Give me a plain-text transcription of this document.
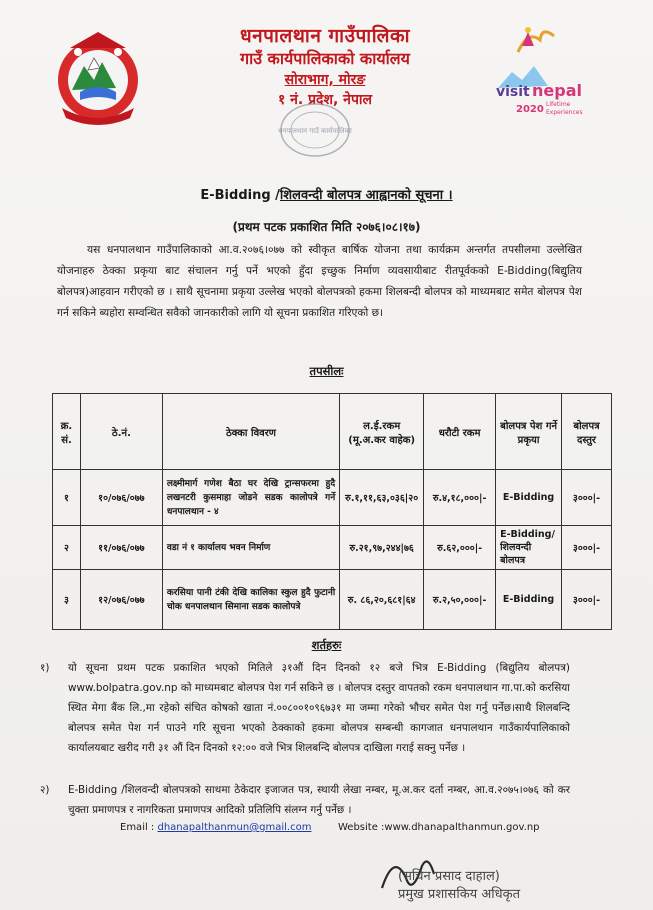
धनपालथान गाउँपालिका
गाउँ कार्यपालिकाको कार्यालय
सोराभाग, मोरङ
१ नं. प्रदेश, नेपाल
धनपालथान गाउँ कार्यपालिका
visit nepal
2020 Lifetime
Experiences
E-Bidding /शिलवन्दी बोलपत्र आह्वानको सूचना ।
(प्रथम पटक प्रकाशित मिति २०७६।०८।१७)
यस धनपालथान गाउँपालिकाको आ.व.२०७६।०७७ को स्वीकृत बार्षिक योजना तथा कार्यक्रम अन्तर्गत तपसीलमा उल्लेखित योजनाहरु ठेक्का प्रकृया बाट संचालन गर्नु पर्ने भएको हुँदा इच्छुक निर्माण व्यवसायीबाट रीतपूर्वकको E-Bidding(बिद्युतिय बोलपत्र)आहवान गरीएको छ । साथै सूचनामा प्रकृया उल्लेख भएको बोलपत्रको हकमा शिलबन्दी बोलपत्र को माध्यमबाट समेत बोलपत्र पेश गर्न सकिने ब्यहोरा सम्वन्धित सवैको जानकारीको लागि यो सूचना प्रकाशित गरिएको छ।
तपसीलः
क्र. सं.	ठे.नं.	ठेक्का विवरण	ल.ई.रकम (मू.अ.कर वाहेक)	धरौटी रकम	बोलपत्र पेश गर्ने प्रकृया	बोलपत्र दस्तुर
१	१०/०७६/०७७	लक्ष्मीमार्ग गणेश बैठा घर देखि ट्रान्सफरमा हुदै लखनटरी कुसमाहा जोडने सडक कालोपत्रे गर्ने धनपालथान - ४	रु.१,११,६३,०३६|२०	रु.४,१८,०००|-	E-Bidding	३०००|-
२	११/०७६/०७७	वडा नं १ कार्यालय भवन निर्माण	रु.२१,९७,२४४|७६	रु.६२,०००|-	E-Bidding/शिलवन्दी बोलपत्र	३०००|-
३	१२/०७६/०७७	करसिया पानी टंकी देखि कालिका स्कुल हुदै फुटानी चोक धनपालथान सिमाना सडक कालोपत्रे	रु. ८६,२०,६८१|६४	रु.२,५०,०००|-	E-Bidding	३०००|-
शर्तहरुः
१) यो सूचना प्रथम पटक प्रकाशित भएको मितिले ३१औं दिन दिनको १२ बजे भित्र E-Bidding (बिद्युतिय बोलपत्र) www.bolpatra.gov.np को माध्यमबाट बोलपत्र पेश गर्न सकिने छ । बोलपत्र दस्तुर वापतको रकम धनपालथान गा.पा.को करसिया स्थित मेगा बैंक लि.,मा रहेको संचित कोषको खाता नं.००८००१०९६७३१ मा जम्मा गरेको भौचर समेत पेश गर्नु पर्नेछ।साथै शिलबन्दि बोलपत्र समेत पेश गर्न पाउने गरि सूचना भएको ठेक्काको हकमा बोलपत्र सम्बन्धी कागजात धनपालथान गाउँकार्यपालिकाको कार्यालयबाट खरीद गरी ३१ औं दिन दिनको १२:०० वजे भित्र शिलबन्दि बोलपत्र दाखिला गराई सक्नु पर्नेछ ।
२) E-Bidding /शिलवन्दी बोलपत्रको साथमा ठेकेदार इजाजत पत्र, स्थायी लेखा नम्बर, मू.अ.कर दर्ता नम्बर, आ.व.२०७५।०७६ को कर चुक्ता प्रमाणपत्र र नागरिकता प्रमाणपत्र आदिको प्रतिलिपि संलग्न गर्नु पर्नेछ ।
Email : dhanapalthanmun@gmail.com	Website :www.dhanapalthanmun.gov.np
(सचिन प्रसाद दाहाल)
प्रमुख प्रशासकिय अधिकृत
